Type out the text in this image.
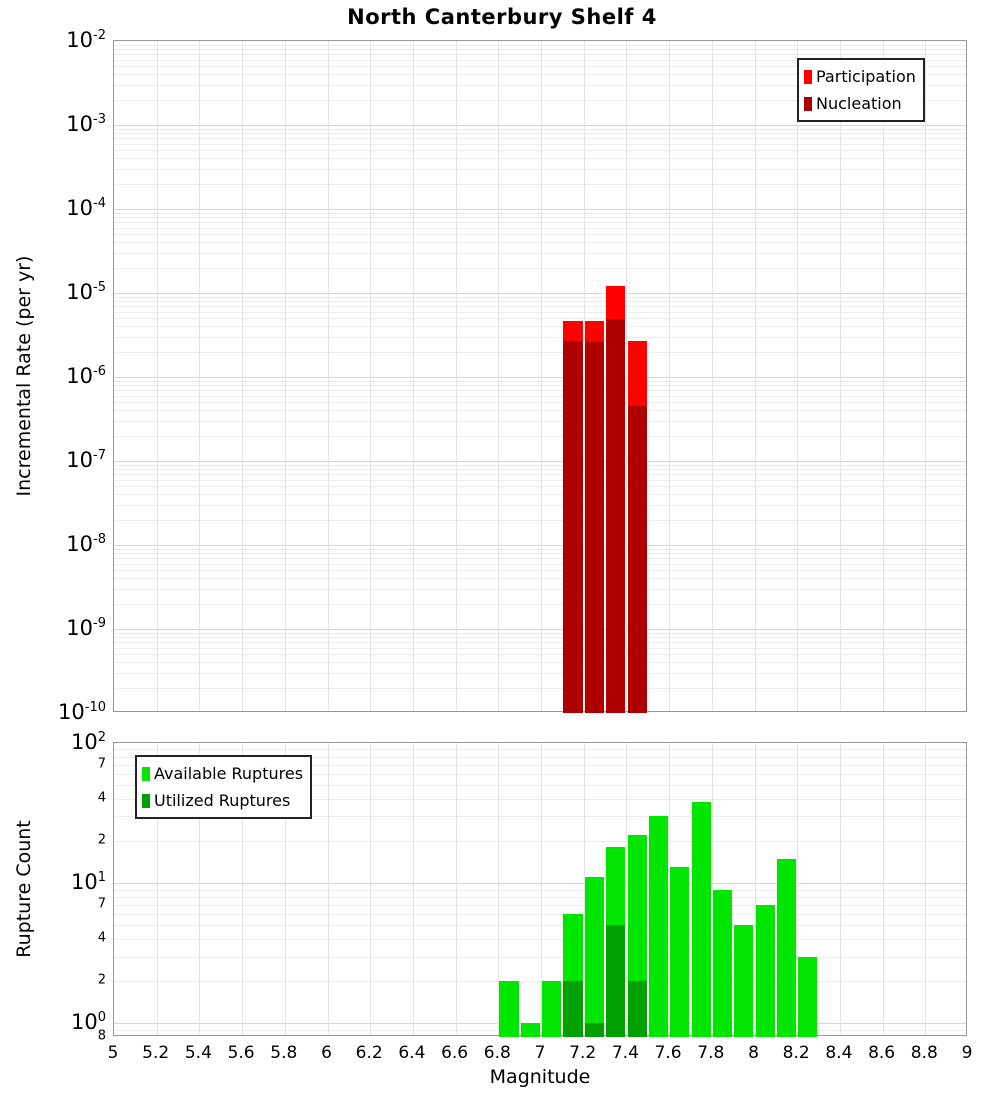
North Canterbury Shelf 4
Incremental Rate (per yr)
Rupture Count
Magnitude
Participation
Nucleation
Available Ruptures
Utilized Ruptures
$10^{-2}$
$10^{-3}$
$10^{-4}$
$10^{-5}$
$10^{-6}$
$10^{-7}$
$10^{-8}$
$10^{-9}$
$10^{-10}$
$10^2$
7
4
2
$10^1$
7
4
2
$10^0$
8
5 5.2 5.4 5.6 5.8 6 6.2 6.4 6.6 6.8 7 7.2 7.4 7.6 7.8 8 8.2 8.4 8.6 8.8 9
